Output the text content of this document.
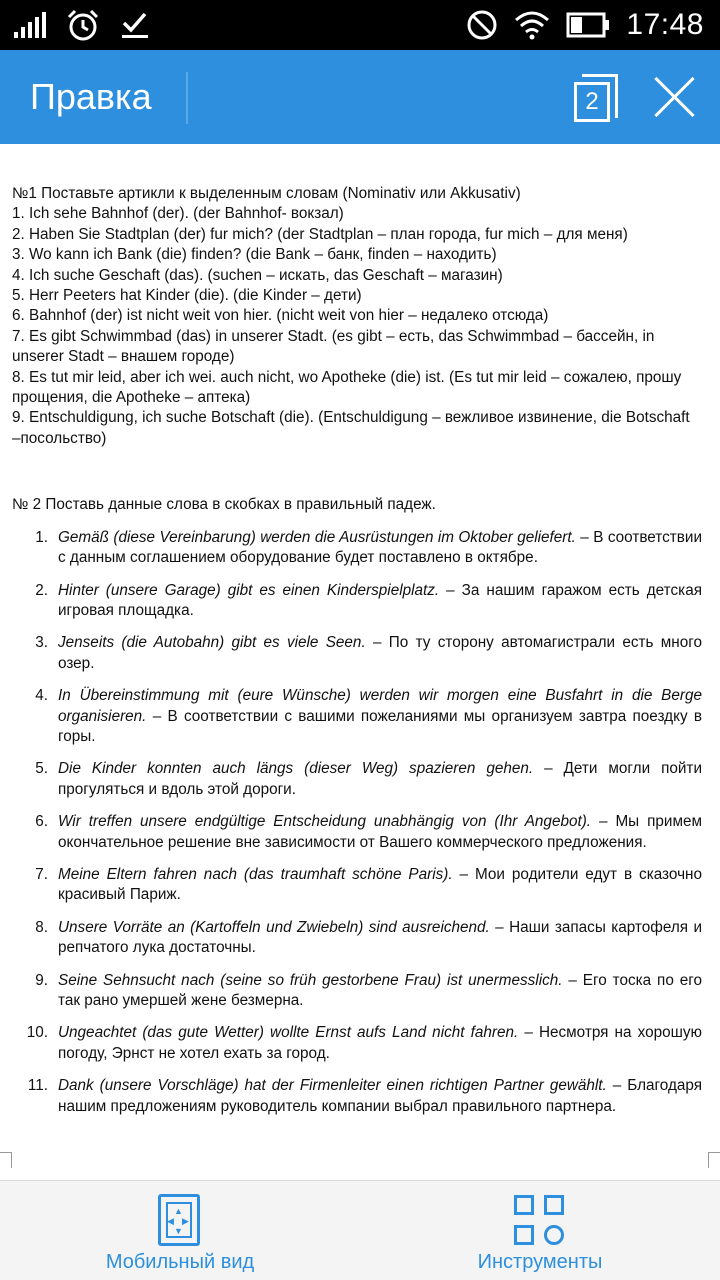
17:48
Правка	2

№1 Поставьте артикли к выделенным словам (Nominativ или Akkusativ)

1. Ich sehe Bahnhof (der). (der Bahnhof- вокзал)

2. Haben Sie Stadtplan (der) fur mich? (der Stadtplan – план города, fur mich – для меня)

3. Wo kann ich Bank (die) finden? (die Bank – банк, finden – находить)

4. Ich suche Geschaft (das). (suchen – искать, das Geschaft – магазин)

5. Herr Peeters hat Kinder (die). (die Kinder – дети)

6. Bahnhof (der) ist nicht weit von hier. (nicht weit von hier – недалеко отсюда)

7. Es gibt Schwimmbad (das) in unserer Stadt. (es gibt – есть, das Schwimmbad – бассейн, in unserer Stadt – внашем городе)

8. Es tut mir leid, aber ich wei. auch nicht, wo Apotheke (die) ist. (Es tut mir leid – сожалею, прошу прощения, die Apotheke – аптека)

9. Entschuldigung, ich suche Botschaft (die). (Entschuldigung – вежливое извинение, die Botschaft –посольство)

№ 2 Поставь данные слова в скобках в правильный падеж.

1. Gemäß (diese Vereinbarung) werden die Ausrüstungen im Oktober geliefert. – В соответствии с данным соглашением оборудование будет поставлено в октябре.
2. Hinter (unsere Garage) gibt es einen Kinderspielplatz. – За нашим гаражом есть детская игровая площадка.
3. Jenseits (die Autobahn) gibt es viele Seen. – По ту сторону автомагистрали есть много озер.
4. In Übereinstimmung mit (eure Wünsche) werden wir morgen eine Busfahrt in die Berge organisieren. – В соответствии с вашими пожеланиями мы организуем завтра поездку в горы.
5. Die Kinder konnten auch längs (dieser Weg) spazieren gehen. – Дети могли пойти прогуляться и вдоль этой дороги.
6. Wir treffen unsere endgültige Entscheidung unabhängig von (Ihr Angebot). – Мы примем окончательное решение вне зависимости от Вашего коммерческого предложения.
7. Meine Eltern fahren nach (das traumhaft schöne Paris). – Мои родители едут в сказочно красивый Париж.
8. Unsere Vorräte an (Kartoffeln und Zwiebeln) sind ausreichend. – Наши запасы картофеля и репчатого лука достаточны.
9. Seine Sehnsucht nach (seine so früh gestorbene Frau) ist unermesslich. – Его тоска по его так рано умершей жене безмерна.
10. Ungeachtet (das gute Wetter) wollte Ernst aufs Land nicht fahren. – Несмотря на хорошую погоду, Эрнст не хотел ехать за город.
11. Dank (unsere Vorschläge) hat der Firmenleiter einen richtigen Partner gewählt. – Благодаря нашим предложениям руководитель компании выбрал правильного партнера.
▲
▼
◀ ▶
Мобильный вид	Инструменты
